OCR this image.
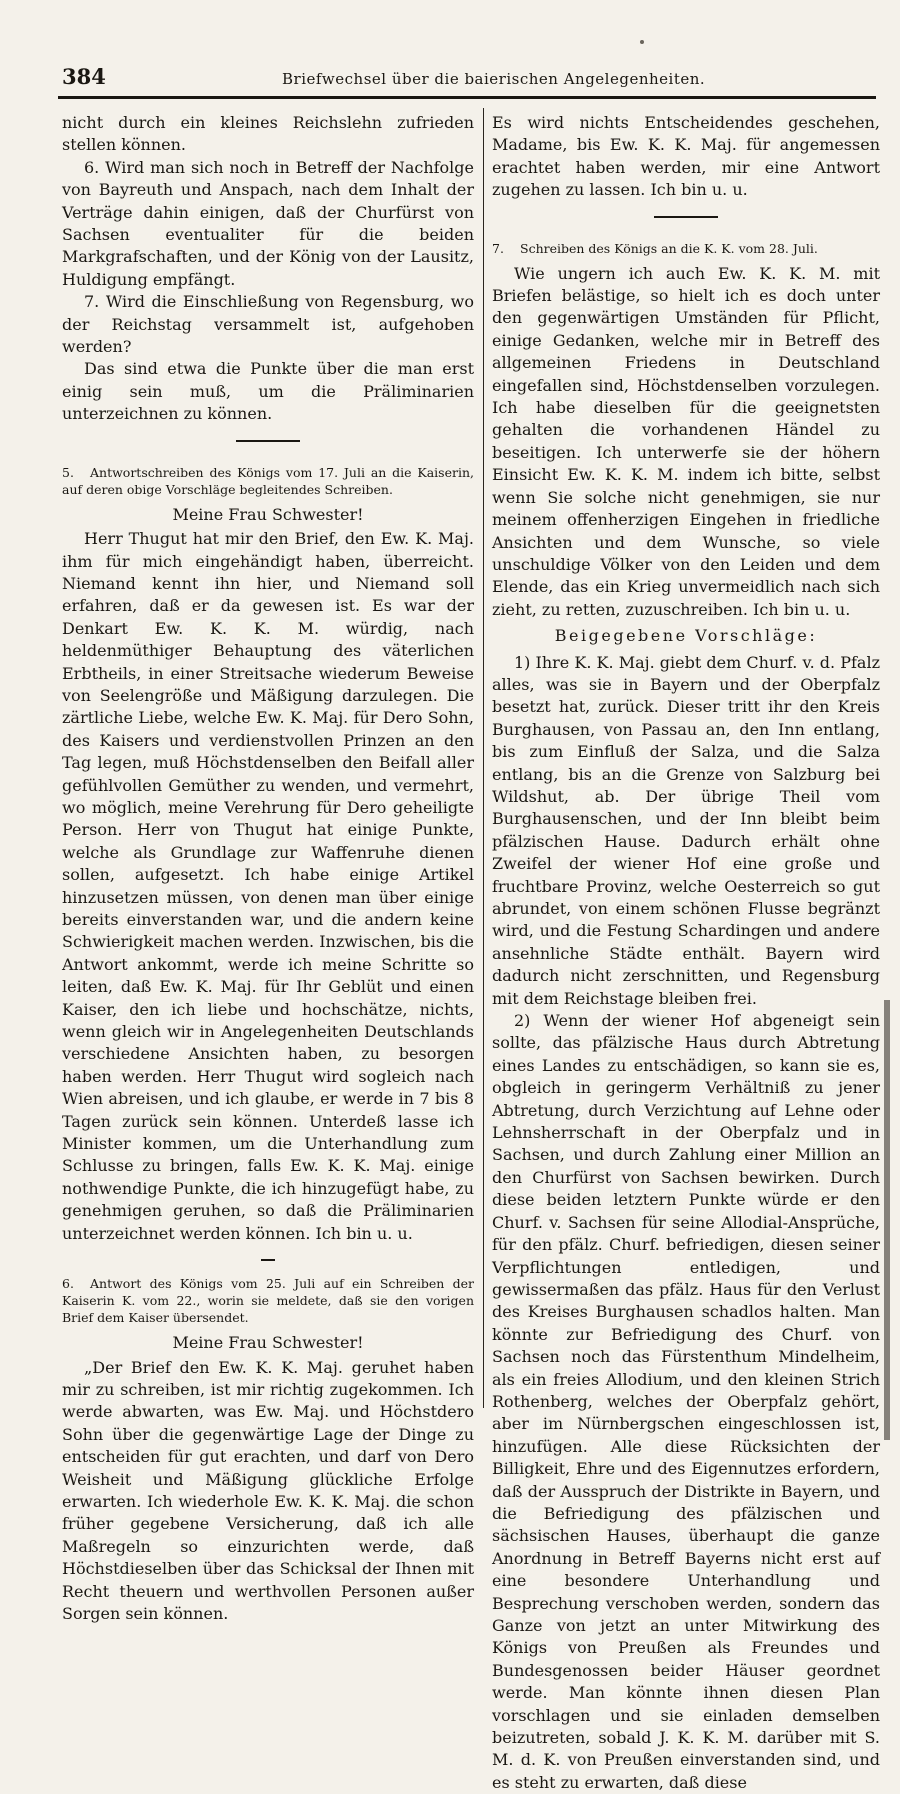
384	Briefwechsel über die baierischen Angelegenheiten.

nicht durch ein kleines Reichslehn zufrieden stellen können.

6. Wird man sich noch in Betreff der Nachfolge von Bayreuth und Anspach, nach dem Inhalt der Verträge dahin einigen, daß der Churfürst von Sachsen eventualiter für die beiden Markgrafschaften, und der König von der Lausitz, Huldigung empfängt.

7. Wird die Einschließung von Regensburg, wo der Reichstag versammelt ist, aufgehoben werden?

Das sind etwa die Punkte über die man erst einig sein muß, um die Präliminarien unterzeichnen zu können.

5. Antwortschreiben des Königs vom 17. Juli an die Kaiserin, auf deren obige Vorschläge begleitendes Schreiben.

Meine Frau Schwester!

Herr Thugut hat mir den Brief, den Ew. K. Maj. ihm für mich eingehändigt haben, überreicht. Niemand kennt ihn hier, und Niemand soll erfahren, daß er da gewesen ist. Es war der Denkart Ew. K. K. M. würdig, nach heldenmüthiger Behauptung des väterlichen Erbtheils, in einer Streitsache wiederum Beweise von Seelengröße und Mäßigung darzulegen. Die zärtliche Liebe, welche Ew. K. Maj. für Dero Sohn, des Kaisers und verdienstvollen Prinzen an den Tag legen, muß Höchstdenselben den Beifall aller gefühlvollen Gemüther zu wenden, und vermehrt, wo möglich, meine Verehrung für Dero geheiligte Person. Herr von Thugut hat einige Punkte, welche als Grundlage zur Waffenruhe dienen sollen, aufgesetzt. Ich habe einige Artikel hinzusetzen müssen, von denen man über einige bereits einverstanden war, und die andern keine Schwierigkeit machen werden. Inzwischen, bis die Antwort ankommt, werde ich meine Schritte so leiten, daß Ew. K. Maj. für Ihr Geblüt und einen Kaiser, den ich liebe und hochschätze, nichts, wenn gleich wir in Angelegenheiten Deutschlands verschiedene Ansichten haben, zu besorgen haben werden. Herr Thugut wird sogleich nach Wien abreisen, und ich glaube, er werde in 7 bis 8 Tagen zurück sein können. Unterdeß lasse ich Minister kommen, um die Unterhandlung zum Schlusse zu bringen, falls Ew. K. K. Maj. einige nothwendige Punkte, die ich hinzugefügt habe, zu genehmigen geruhen, so daß die Präliminarien unterzeichnet werden können. Ich bin u. u.

6. Antwort des Königs vom 25. Juli auf ein Schreiben der Kaiserin K. vom 22., worin sie meldete, daß sie den vorigen Brief dem Kaiser übersendet.

Meine Frau Schwester!

„Der Brief den Ew. K. K. Maj. geruhet haben mir zu schreiben, ist mir richtig zugekommen. Ich werde abwarten, was Ew. Maj. und Höchstdero Sohn über die gegenwärtige Lage der Dinge zu entscheiden für gut erachten, und darf von Dero Weisheit und Mäßigung glückliche Erfolge erwarten. Ich wiederhole Ew. K. K. Maj. die schon früher gegebene Versicherung, daß ich alle Maßregeln so einzurichten werde, daß Höchstdieselben über das Schicksal der Ihnen mit Recht theuern und werthvollen Personen außer Sorgen sein können.

Es wird nichts Entscheidendes geschehen, Madame, bis Ew. K. K. Maj. für angemessen erachtet haben werden, mir eine Antwort zugehen zu lassen. Ich bin u. u.

7. Schreiben des Königs an die K. K. vom 28. Juli.

Wie ungern ich auch Ew. K. K. M. mit Briefen belästige, so hielt ich es doch unter den gegenwärtigen Umständen für Pflicht, einige Gedanken, welche mir in Betreff des allgemeinen Friedens in Deutschland eingefallen sind, Höchstdenselben vorzulegen. Ich habe dieselben für die geeignetsten gehalten die vorhandenen Händel zu beseitigen. Ich unterwerfe sie der höhern Einsicht Ew. K. K. M. indem ich bitte, selbst wenn Sie solche nicht genehmigen, sie nur meinem offenherzigen Eingehen in friedliche Ansichten und dem Wunsche, so viele unschuldige Völker von den Leiden und dem Elende, das ein Krieg unvermeidlich nach sich zieht, zu retten, zuzuschreiben. Ich bin u. u.

Beigegebene Vorschläge:

1) Ihre K. K. Maj. giebt dem Churf. v. d. Pfalz alles, was sie in Bayern und der Oberpfalz besetzt hat, zurück. Dieser tritt ihr den Kreis Burghausen, von Passau an, den Inn entlang, bis zum Einfluß der Salza, und die Salza entlang, bis an die Grenze von Salzburg bei Wildshut, ab. Der übrige Theil vom Burghausenschen, und der Inn bleibt beim pfälzischen Hause. Dadurch erhält ohne Zweifel der wiener Hof eine große und fruchtbare Provinz, welche Oesterreich so gut abrundet, von einem schönen Flusse begränzt wird, und die Festung Schardingen und andere ansehnliche Städte enthält. Bayern wird dadurch nicht zerschnitten, und Regensburg mit dem Reichstage bleiben frei.

2) Wenn der wiener Hof abgeneigt sein sollte, das pfälzische Haus durch Abtretung eines Landes zu entschädigen, so kann sie es, obgleich in geringerm Verhältniß zu jener Abtretung, durch Verzichtung auf Lehne oder Lehnsherrschaft in der Oberpfalz und in Sachsen, und durch Zahlung einer Million an den Churfürst von Sachsen bewirken. Durch diese beiden letztern Punkte würde er den Churf. v. Sachsen für seine Allodial-Ansprüche, für den pfälz. Churf. befriedigen, diesen seiner Verpflichtungen entledigen, und gewissermaßen das pfälz. Haus für den Verlust des Kreises Burghausen schadlos halten. Man könnte zur Befriedigung des Churf. von Sachsen noch das Fürstenthum Mindelheim, als ein freies Allodium, und den kleinen Strich Rothenberg, welches der Oberpfalz gehört, aber im Nürnbergschen eingeschlossen ist, hinzufügen. Alle diese Rücksichten der Billigkeit, Ehre und des Eigennutzes erfordern, daß der Ausspruch der Distrikte in Bayern, und die Befriedigung des pfälzischen und sächsischen Hauses, überhaupt die ganze Anordnung in Betreff Bayerns nicht erst auf eine besondere Unterhandlung und Besprechung verschoben werden, sondern das Ganze von jetzt an unter Mitwirkung des Königs von Preußen als Freundes und Bundesgenossen beider Häuser geordnet werde. Man könnte ihnen diesen Plan vorschlagen und sie einladen demselben beizutreten, sobald J. K. K. M. darüber mit S. M. d. K. von Preußen einverstanden sind, und es steht zu erwarten, daß diese
